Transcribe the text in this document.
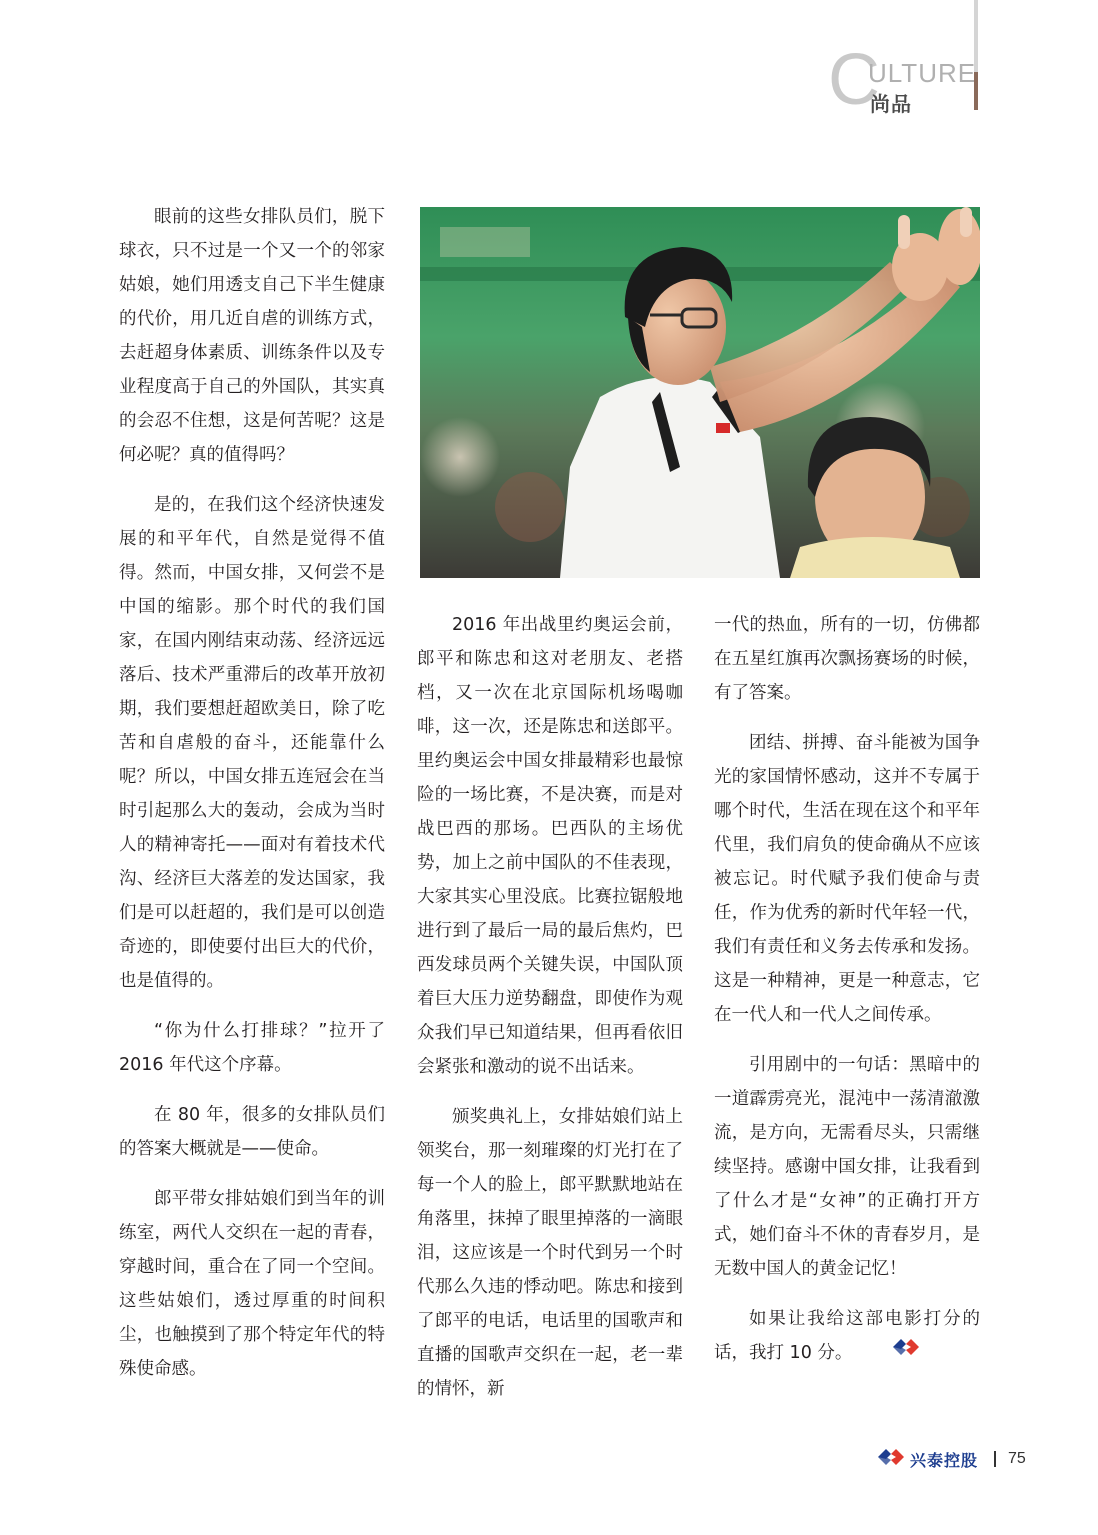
C
ULTURE
尚品

眼前的这些女排队员们，脱下球衣，只不过是一个又一个的邻家姑娘，她们用透支自己下半生健康的代价，用几近自虐的训练方式，去赶超身体素质、训练条件以及专业程度高于自己的外国队，其实真的会忍不住想，这是何苦呢？这是何必呢？真的值得吗？

是的，在我们这个经济快速发展的和平年代，自然是觉得不值得。然而，中国女排，又何尝不是中国的缩影。那个时代的我们国家，在国内刚结束动荡、经济远远落后、技术严重滞后的改革开放初期，我们要想赶超欧美日，除了吃苦和自虐般的奋斗，还能靠什么呢？所以，中国女排五连冠会在当时引起那么大的轰动，会成为当时人的精神寄托——面对有着技术代沟、经济巨大落差的发达国家，我们是可以赶超的，我们是可以创造奇迹的，即使要付出巨大的代价，也是值得的。

“你为什么打排球？”拉开了 2016 年代这个序幕。

在 80 年，很多的女排队员们的答案大概就是——使命。

郎平带女排姑娘们到当年的训练室，两代人交织在一起的青春，穿越时间，重合在了同一个空间。这些姑娘们，透过厚重的时间积尘，也触摸到了那个特定年代的特殊使命感。

2016 年出战里约奥运会前，郎平和陈忠和这对老朋友、老搭档，又一次在北京国际机场喝咖啡，这一次，还是陈忠和送郎平。里约奥运会中国女排最精彩也最惊险的一场比赛，不是决赛，而是对战巴西的那场。巴西队的主场优势，加上之前中国队的不佳表现，大家其实心里没底。比赛拉锯般地进行到了最后一局的最后焦灼，巴西发球员两个关键失误，中国队顶着巨大压力逆势翻盘，即使作为观众我们早已知道结果，但再看依旧会紧张和激动的说不出话来。

颁奖典礼上，女排姑娘们站上领奖台，那一刻璀璨的灯光打在了每一个人的脸上，郎平默默地站在角落里，抹掉了眼里掉落的一滴眼泪，这应该是一个时代到另一个时代那么久违的悸动吧。陈忠和接到了郎平的电话，电话里的国歌声和直播的国歌声交织在一起，老一辈的情怀，新

一代的热血，所有的一切，仿佛都在五星红旗再次飘扬赛场的时候，有了答案。

团结、拼搏、奋斗能被为国争光的家国情怀感动，这并不专属于哪个时代，生活在现在这个和平年代里，我们肩负的使命确从不应该被忘记。时代赋予我们使命与责任，作为优秀的新时代年轻一代，我们有责任和义务去传承和发扬。这是一种精神，更是一种意志，它在一代人和一代人之间传承。

引用剧中的一句话：黑暗中的一道霹雳亮光，混沌中一荡清澈激流，是方向，无需看尽头，只需继续坚持。感谢中国女排，让我看到了什么才是“女神”的正确打开方式，她们奋斗不休的青春岁月，是无数中国人的黄金记忆！

如果让我给这部电影打分的话，我打 10 分。

兴泰控股 75
